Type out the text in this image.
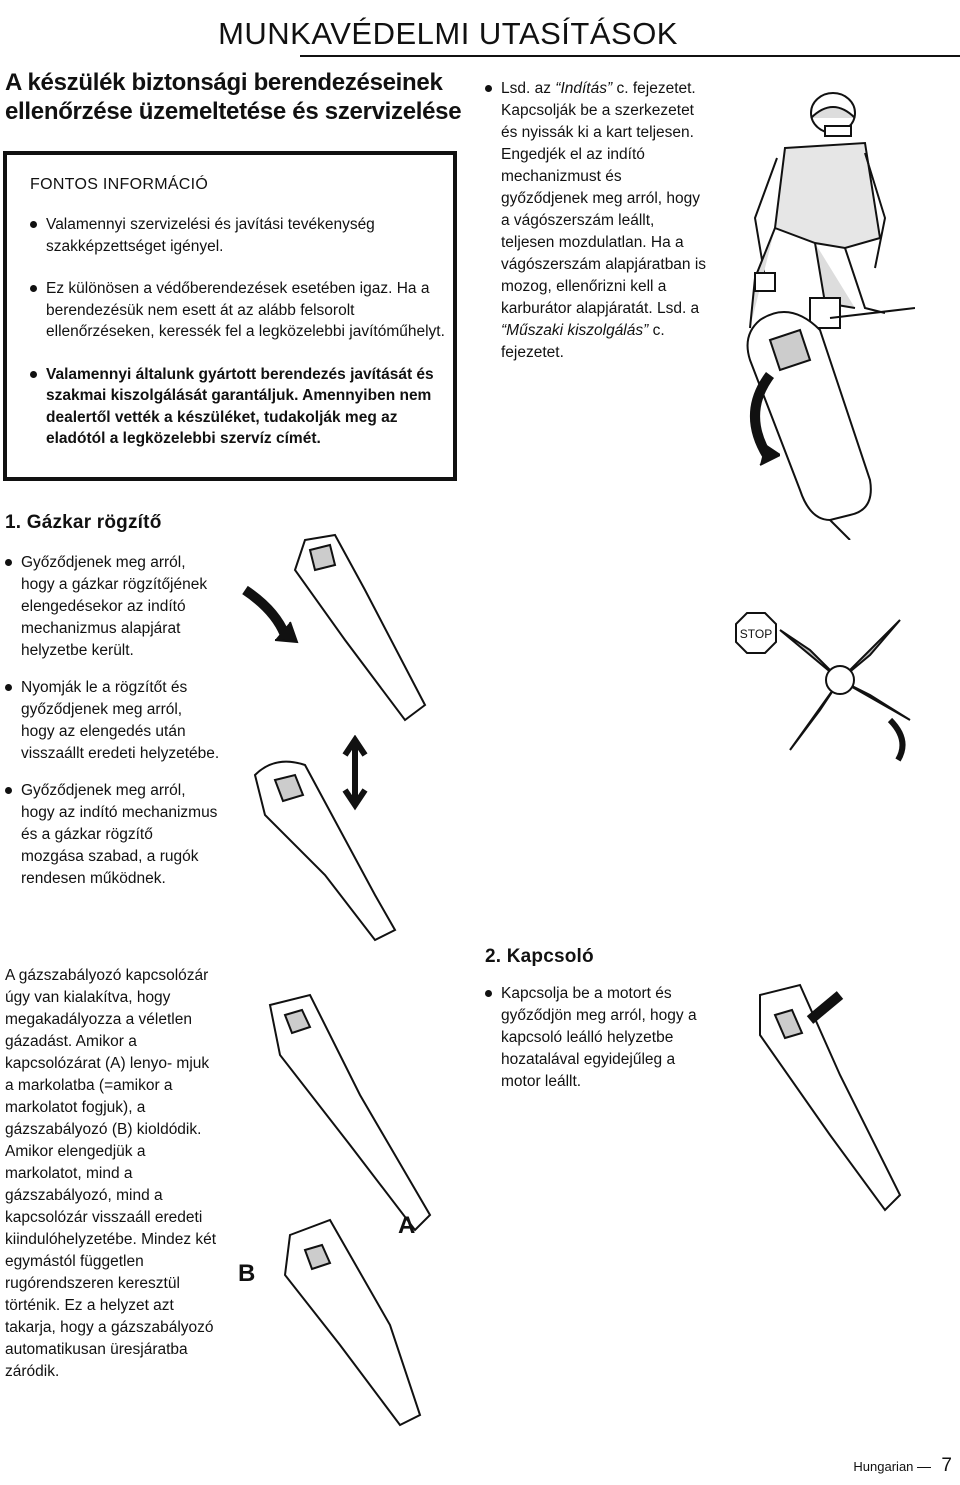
MUNKAVÉDELMI UTASÍTÁSOK
A készülék biztonsági berendezéseinek ellenőrzése üzemeltetése és szervizelése
FONTOS INFORMÁCIÓ
Valamennyi szervizelési és javítási tevékenység szakképzettséget igényel.
Ez különösen a védőberendezések esetében igaz. Ha a berendezésük nem esett át az alább felsorolt ellenőrzéseken, keressék fel a legközelebbi javítóműhelyt.
Valamennyi általunk gyártott berendezés javítását és szakmai kiszolgálását garantáljuk. Amennyiben nem dealertől vették a készüléket, tudakolják meg az eladótól a legközelebbi szervíz címét.
Lsd. az “Indítás” c. fejezetet. Kapcsolják be a szerkezetet és nyissák ki a kart teljesen. Engedjék el az indító mechanizmust és győződjenek meg arról, hogy a vágószerszám leállt, teljesen mozdulatlan. Ha a vágószerszám alapjáratban is mozog, ellenőrizni kell a karburátor alapjáratát. Lsd. a “Műszaki kiszolgálás” c. fejezetet.
1. Gázkar rögzítő
Győződjenek meg arról, hogy a gázkar rögzítőjének elengedésekor az indító mechanizmus alapjárat helyzetbe került.
Nyomják le a rögzítőt és győződjenek meg arról, hogy az elengedés után visszaállt eredeti helyzetébe.
Győződjenek meg arról, hogy az indító mechanizmus és a gázkar rögzítő mozgása szabad, a rugók rendesen működnek.
STOP
A gázszabályozó kapcsolózár úgy van kialakítva, hogy megakadályozza a véletlen gázadást. Amikor a kapcsolózárat (A) lenyo- mjuk a markolatba (=amikor a markolatot fogjuk), a gázszabályozó (B) kioldódik. Amikor elengedjük a markolatot, mind a gázszabályozó, mind a kapcsolózár visszaáll eredeti kiindulóhelyzetébe. Mindez két egymástól független rugórendszeren keresztül történik. Ez a helyzet azt takarja, hogy a gázszabályozó automatikusan üresjáratba záródik.
A
B
2. Kapcsoló
Kapcsolja be a motort és győződjön meg arról, hogy a kapcsoló leálló helyzetbe hozatalával egyidejűleg a motor leállt.
Hungarian 7
